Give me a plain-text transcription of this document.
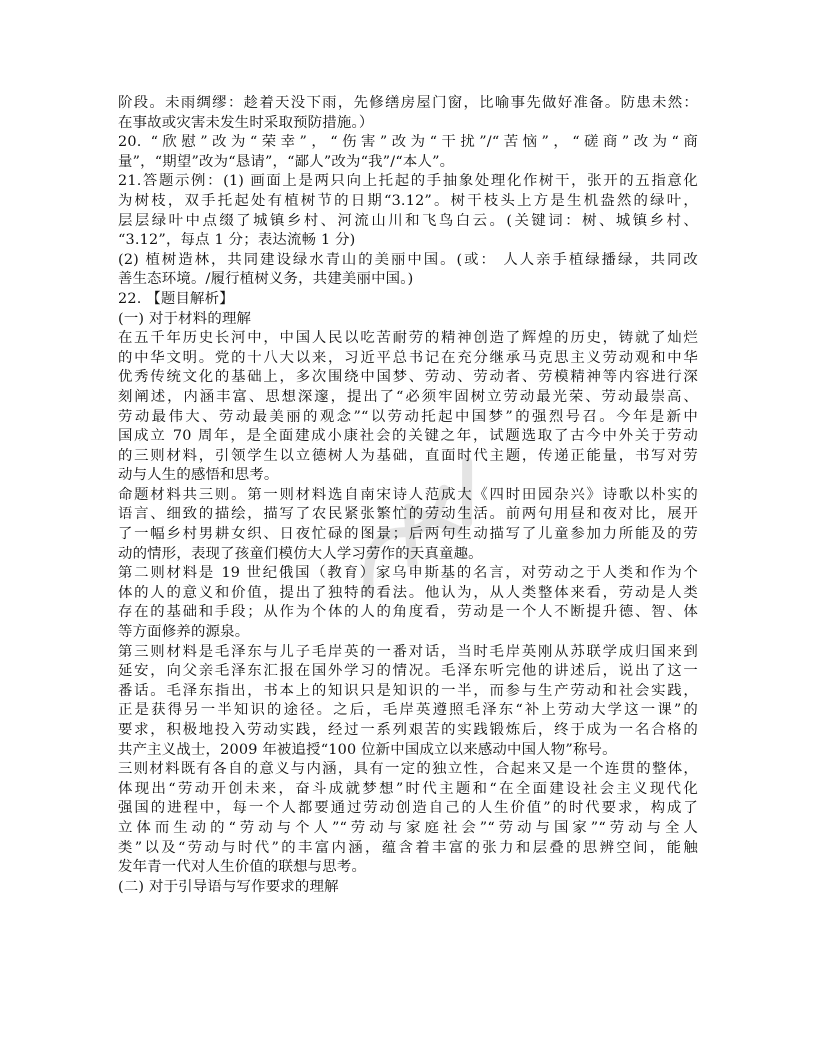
阶段。未雨绸缪：趁着天没下雨，先修缮房屋门窗，比喻事先做好准备。防患未然：
在事故或灾害未发生时采取预防措施。）
20. “欣慰”改为“荣幸”，“伤害”改为“干扰”/“苦恼”，“磋商”改为“商
量”，“期望”改为“恳请”，“鄙人”改为“我”/“本人”。
21.答题示例：(1) 画面上是两只向上托起的手抽象处理化作树干，张开的五指意化
为树枝，双手托起处有植树节的日期“3.12”。树干枝头上方是生机盎然的绿叶，
层层绿叶中点缀了城镇乡村、河流山川和飞鸟白云。(关键词：树、城镇乡村、
“3.12”，每点 1 分；表达流畅 1 分)
(2) 植树造林，共同建设绿水青山的美丽中国。(或： 人人亲手植绿播绿，共同改
善生态环境。/履行植树义务，共建美丽中国。)
22. 【题目解析】
(一) 对于材料的理解
在五千年历史长河中，中国人民以吃苦耐劳的精神创造了辉煌的历史，铸就了灿烂
的中华文明。党的十八大以来，习近平总书记在充分继承马克思主义劳动观和中华
优秀传统文化的基础上，多次围绕中国梦、劳动、劳动者、劳模精神等内容进行深
刻阐述，内涵丰富、思想深邃，提出了“必须牢固树立劳动最光荣、劳动最崇高、
劳动最伟大、劳动最美丽的观念”“以劳动托起中国梦”的强烈号召。今年是新中
国成立 70 周年，是全面建成小康社会的关键之年，试题选取了古今中外关于劳动
的三则材料，引领学生以立德树人为基础，直面时代主题，传递正能量，书写对劳
动与人生的感悟和思考。
命题材料共三则。第一则材料选自南宋诗人范成大《四时田园杂兴》诗歌以朴实的
语言、细致的描绘，描写了农民紧张繁忙的劳动生活。前两句用昼和夜对比，展开
了一幅乡村男耕女织、日夜忙碌的图景；后两句生动描写了儿童参加力所能及的劳
动的情形，表现了孩童们模仿大人学习劳作的天真童趣。
第二则材料是 19 世纪俄国（教育）家乌申斯基的名言，对劳动之于人类和作为个
体的人的意义和价值，提出了独特的看法。他认为，从人类整体来看，劳动是人类
存在的基础和手段；从作为个体的人的角度看，劳动是一个人不断提升德、智、体
等方面修养的源泉。
第三则材料是毛泽东与儿子毛岸英的一番对话，当时毛岸英刚从苏联学成归国来到
延安，向父亲毛泽东汇报在国外学习的情况。毛泽东听完他的讲述后，说出了这一
番话。毛泽东指出，书本上的知识只是知识的一半，而参与生产劳动和社会实践，
正是获得另一半知识的途径。之后，毛岸英遵照毛泽东“补上劳动大学这一课”的
要求，积极地投入劳动实践，经过一系列艰苦的实践锻炼后，终于成为一名合格的
共产主义战士，2009 年被追授“100 位新中国成立以来感动中国人物”称号。
三则材料既有各自的意义与内涵，具有一定的独立性，合起来又是一个连贯的整体，
体现出“劳动开创未来，奋斗成就梦想”时代主题和“在全面建设社会主义现代化
强国的进程中，每一个人都要通过劳动创造自己的人生价值”的时代要求，构成了
立体而生动的“劳动与个人”“劳动与家庭社会”“劳动与国家”“劳动与全人
类”以及“劳动与时代”的丰富内涵，蕴含着丰富的张力和层叠的思辨空间，能触
发年青一代对人生价值的联想与思考。
(二) 对于引导语与写作要求的理解
